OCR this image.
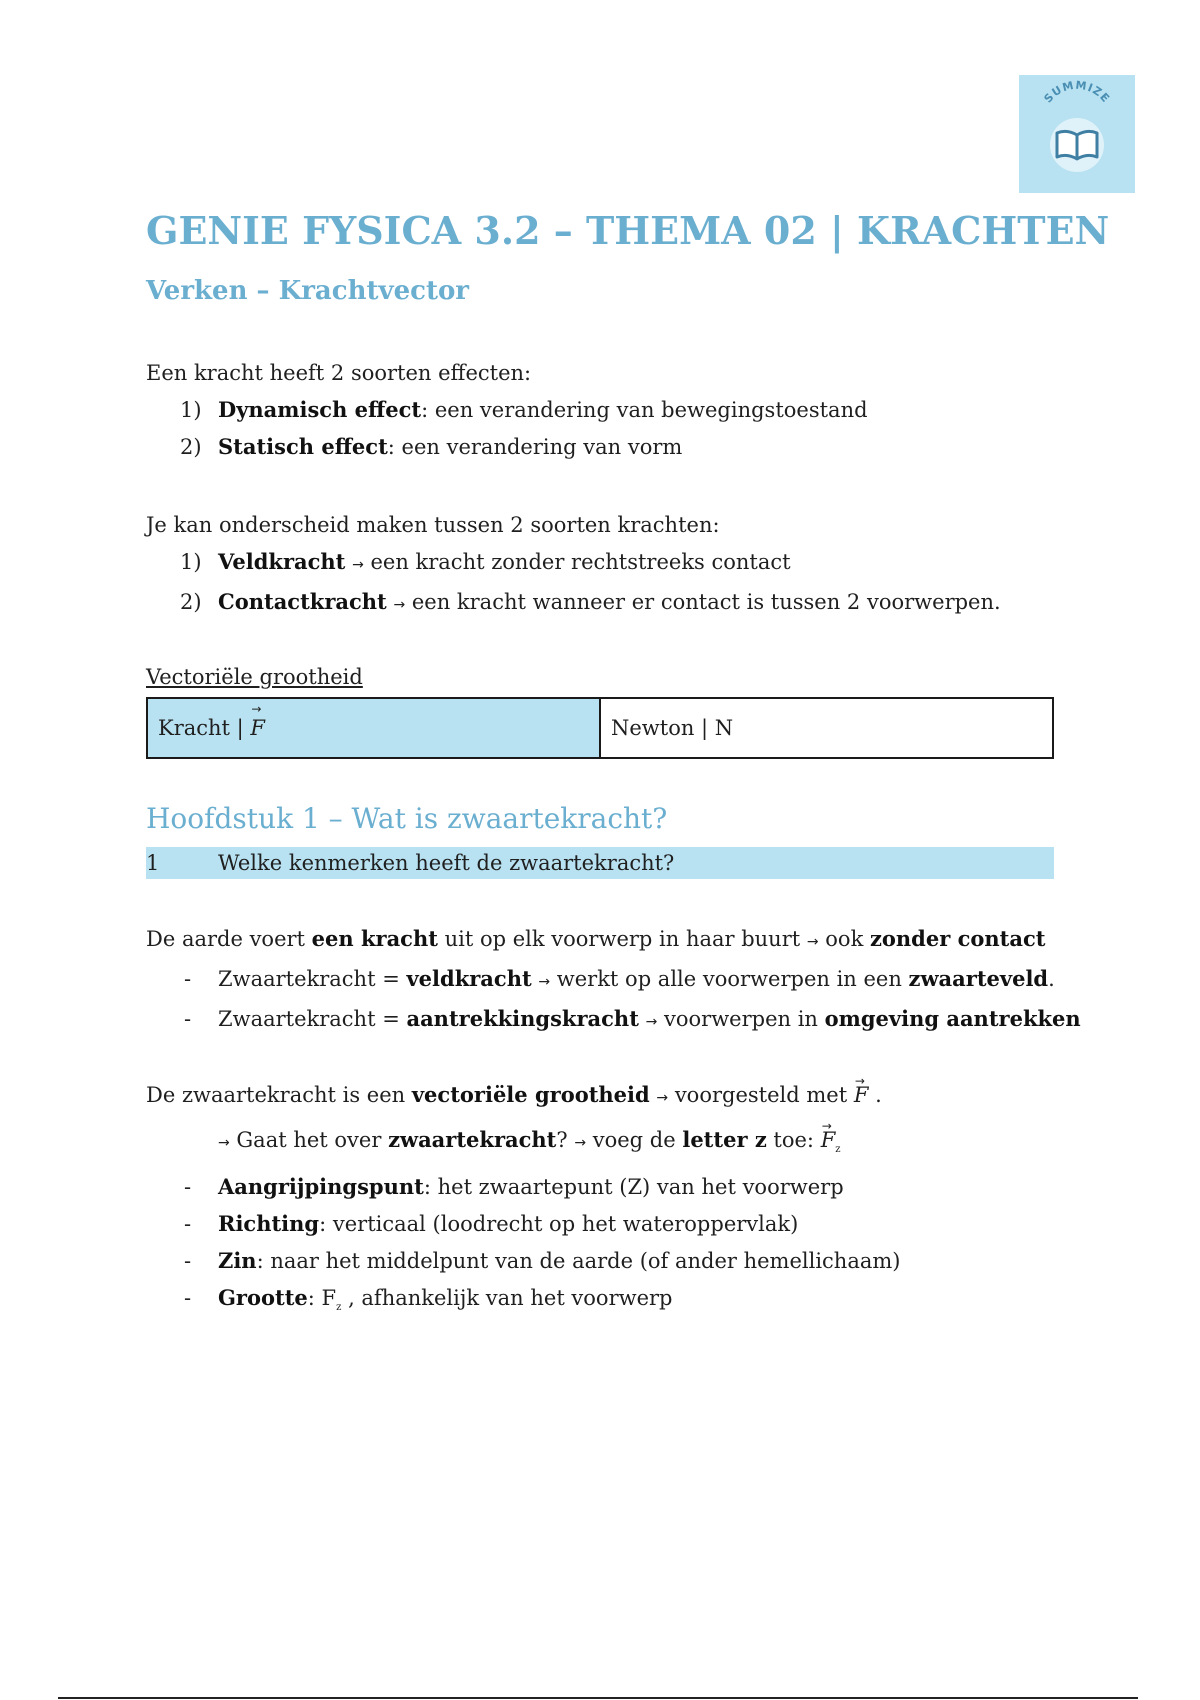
SUMMIZE
GENIE FYSICA 3.2 – THEMA 02 | KRACHTEN
Verken – Krachtvector
Een kracht heeft 2 soorten effecten:
1) Dynamisch effect: een verandering van bewegingstoestand
2) Statisch effect: een verandering van vorm
Je kan onderscheid maken tussen 2 soorten krachten:
1) Veldkracht → een kracht zonder rechtstreeks contact
2) Contactkracht → een kracht wanneer er contact is tussen 2 voorwerpen.
Vectoriële grootheid
Kracht | → F	Newton | N
Hoofdstuk 1 – Wat is zwaartekracht?
1	Welke kenmerken heeft de zwaartekracht?
De aarde voert een kracht uit op elk voorwerp in haar buurt → ook zonder contact
- Zwaartekracht = veldkracht → werkt op alle voorwerpen in een zwaarteveld.
- Zwaartekracht = aantrekkingskracht → voorwerpen in omgeving aantrekken
De zwaartekracht is een vectoriële grootheid → voorgesteld met → F .
→ Gaat het over zwaartekracht? → voeg de letter z toe: → $F_z$
- Aangrijpingspunt: het zwaartepunt (Z) van het voorwerp
- Richting: verticaal (loodrecht op het wateroppervlak)
- Zin: naar het middelpunt van de aarde (of ander hemellichaam)
- Grootte: $F_z$ , afhankelijk van het voorwerp
